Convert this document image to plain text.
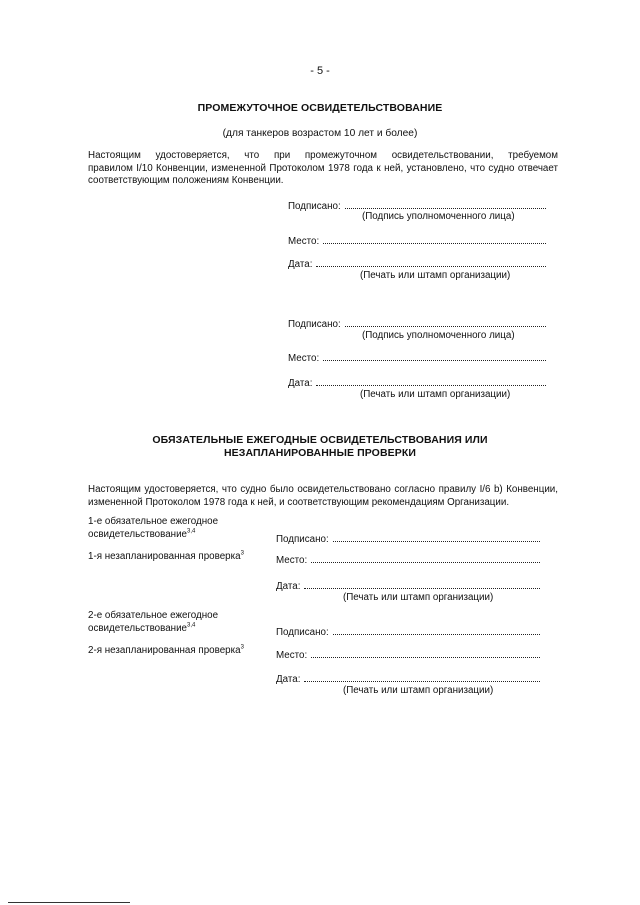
- 5 -
ПРОМЕЖУТОЧНОЕ ОСВИДЕТЕЛЬСТВОВАНИЕ
(для танкеров возрастом 10 лет и более)
Настоящим удостоверяется, что при промежуточном освидетельствовании, требуемом
правилом I/10 Конвенции, измененной Протоколом 1978 года к ней, установлено, что судно отвечает
соответствующим положениям Конвенции.
Подписано:
(Подпись уполномоченного лица)
Место:
Дата:
(Печать или штамп организации)
Подписано:
(Подпись уполномоченного лица)
Место:
Дата:
(Печать или штамп организации)
ОБЯЗАТЕЛЬНЫЕ ЕЖЕГОДНЫЕ ОСВИДЕТЕЛЬСТВОВАНИЯ ИЛИ
НЕЗАПЛАНИРОВАННЫЕ ПРОВЕРКИ
Настоящим удостоверяется, что судно было освидетельствовано согласно правилу I/6 b) Конвенции,
измененной Протоколом 1978 года к ней, и соответствующим рекомендациям Организации.
1-е обязательное ежегодное
освидетельствование$^{3,4}$
1-я незапланированная проверка$^3$
Подписано:
Место:
Дата:
(Печать или штамп организации)
2-е обязательное ежегодное
освидетельствование$^{3,4}$
2-я незапланированная проверка$^3$
Подписано:
Место:
Дата:
(Печать или штамп организации)
